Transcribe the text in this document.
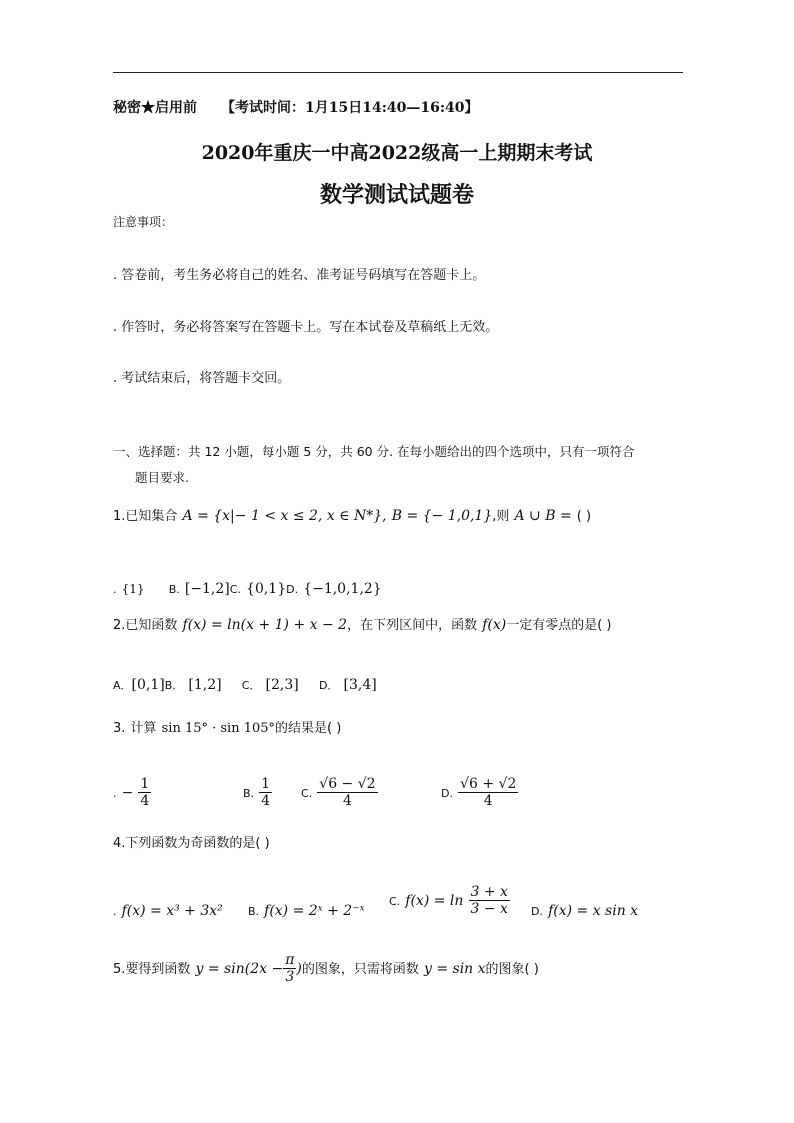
秘密★启用前 【考试时间：1月15日14:40—16:40】
2020年重庆一中高2022级高一上期期末考试
数学测试试题卷
注意事项：
. 答卷前，考生务必将自己的姓名、准考证号码填写在答题卡上。
. 作答时，务必将答案写在答题卡上。写在本试卷及草稿纸上无效。
. 考试结束后，将答题卡交回。
一、选择题：共 12 小题，每小题 5 分，共 60 分. 在每小题给出的四个选项中，只有一项符合
题目要求.
1.已知集合 A = {x|− 1 < x ≤ 2, x ∈ N*}, B = {− 1,0,1},则 A ∪ B = ( )
. {1} B. [−1,2]C. {0,1}D. {−1,0,1,2}
2.已知函数 f(x) = ln(x + 1) + x − 2，在下列区间中，函数 f(x)一定有零点的是( )
A．[0,1]B． [1,2] C． [2,3] D． [3,4]
3. 计算 sin 15° · sin 105°的结果是( )
. − $\frac{1}{4}$	B. $\frac{1}{4}$	C. $\frac{√6 - √2}{4}$	D. $\frac{√6 + √2}{4}$
4.下列函数为奇函数的是( )
. f(x) = x³ + 3x² B. f(x) = 2ˣ + 2⁻ˣ
C. $f(x) = \ln \frac{3 + x}{3 - x} D$. f(x) = x sin x
5.要得到函数 $y = \sin(2x - \frac{\pi}{3}$ )的图象，只需将函数 y = sin x的图象( )
